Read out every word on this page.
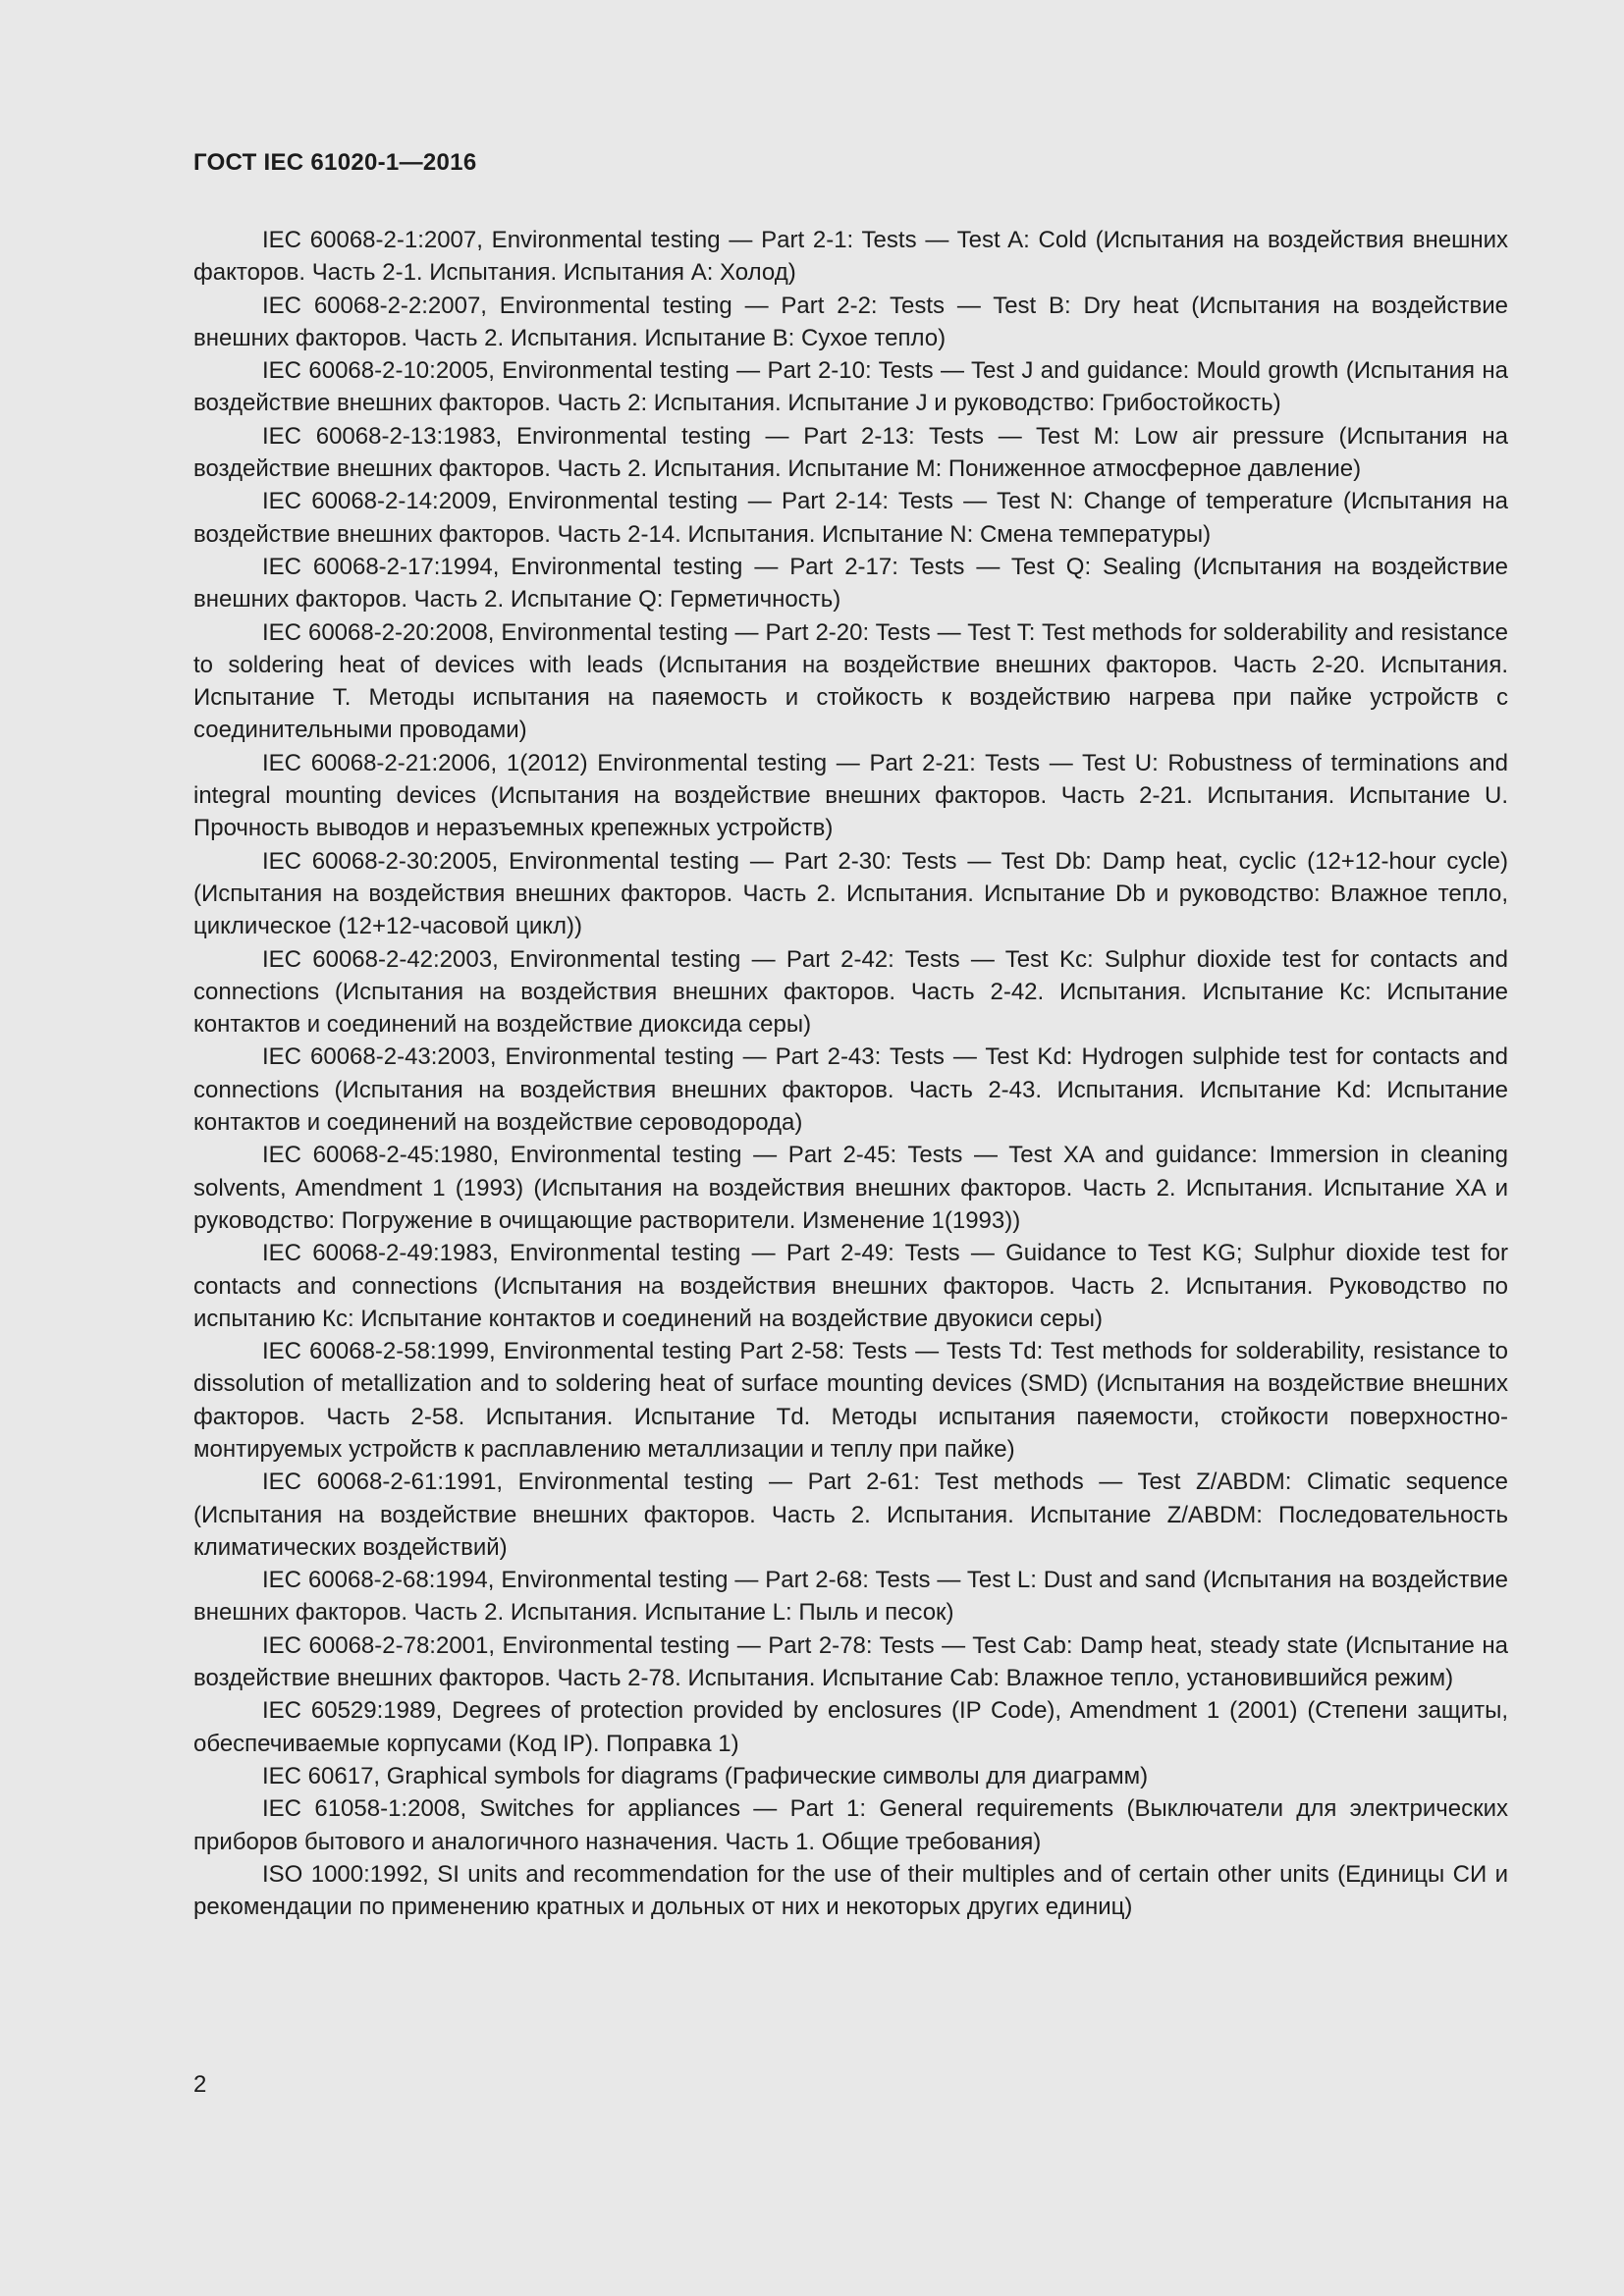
ГОСТ IEC 61020-1—2016

IEC 60068-2-1:2007, Environmental testing — Part 2-1: Tests — Test A: Cold (Испытания на воздействия внешних факторов. Часть 2-1. Испытания. Испытания А: Холод)

IEC 60068-2-2:2007, Environmental testing — Part 2-2: Tests — Test B: Dry heat (Испытания на воздействие внешних факторов. Часть 2. Испытания. Испытание В: Сухое тепло)

IEC 60068-2-10:2005, Environmental testing — Part 2-10: Tests — Test J and guidance: Mould growth (Испытания на воздействие внешних факторов. Часть 2: Испытания. Испытание J и руководство: Грибостойкость)

IEC 60068-2-13:1983, Environmental testing — Part 2-13: Tests — Test M: Low air pressure (Испытания на воздействие внешних факторов. Часть 2. Испытания. Испытание М: Пониженное атмосферное давление)

IEC 60068-2-14:2009, Environmental testing — Part 2-14: Tests — Test N: Change of temperature (Испытания на воздействие внешних факторов. Часть 2-14. Испытания. Испытание N: Смена температуры)

IEC 60068-2-17:1994, Environmental testing — Part 2-17: Tests — Test Q: Sealing (Испытания на воздействие внешних факторов. Часть 2. Испытание Q: Герметичность)

IEC 60068-2-20:2008, Environmental testing — Part 2-20: Tests — Test T: Test methods for solderability and resistance to soldering heat of devices with leads (Испытания на воздействие внешних факторов. Часть 2-20. Испытания. Испытание Т. Методы испытания на паяемость и стойкость к воздействию нагрева при пайке устройств с соединительными проводами)

IEC 60068-2-21:2006, 1(2012) Environmental testing — Part 2-21: Tests — Test U: Robustness of terminations and integral mounting devices (Испытания на воздействие внешних факторов. Часть 2-21. Испытания. Испытание U. Прочность выводов и неразъемных крепежных устройств)

IEC 60068-2-30:2005, Environmental testing — Part 2-30: Tests — Test Db: Damp heat, cyclic (12+12-hour cycle) (Испытания на воздействия внешних факторов. Часть 2. Испытания. Испытание Db и руководство: Влажное тепло, циклическое (12+12-часовой цикл))

IEC 60068-2-42:2003, Environmental testing — Part 2-42: Tests — Test Kc: Sulphur dioxide test for contacts and connections (Испытания на воздействия внешних факторов. Часть 2-42. Испытания. Испытание Кс: Испытание контактов и соединений на воздействие диоксида серы)

IEC 60068-2-43:2003, Environmental testing — Part 2-43: Tests — Test Kd: Hydrogen sulphide test for contacts and connections (Испытания на воздействия внешних факторов. Часть 2-43. Испытания. Испытание Kd: Испытание контактов и соединений на воздействие сероводорода)

IEC 60068-2-45:1980, Environmental testing — Part 2-45: Tests — Test XA and guidance: Immersion in cleaning solvents, Amendment 1 (1993) (Испытания на воздействия внешних факторов. Часть 2. Испытания. Испытание XA и руководство: Погружение в очищающие растворители. Изменение 1(1993))

IEC 60068-2-49:1983, Environmental testing — Part 2-49: Tests — Guidance to Test KG; Sulphur dioxide test for contacts and connections (Испытания на воздействия внешних факторов. Часть 2. Испытания. Руководство по испытанию Кс: Испытание контактов и соединений на воздействие двуокиси серы)

IEC 60068-2-58:1999, Environmental testing Part 2-58: Tests — Tests Td: Test methods for solderability, resistance to dissolution of metallization and to soldering heat of surface mounting devices (SMD) (Испытания на воздействие внешних факторов. Часть 2-58. Испытания. Испытание Td. Методы испытания паяемости, стойкости поверхностно-монтируемых устройств к расплавлению металлизации и теплу при пайке)

IEC 60068-2-61:1991, Environmental testing — Part 2-61: Test methods — Test Z/ABDM: Climatic sequence (Испытания на воздействие внешних факторов. Часть 2. Испытания. Испытание Z/ABDM: Последовательность климатических воздействий)

IEC 60068-2-68:1994, Environmental testing — Part 2-68: Tests — Test L: Dust and sand (Испытания на воздействие внешних факторов. Часть 2. Испытания. Испытание L: Пыль и песок)

IEC 60068-2-78:2001, Environmental testing — Part 2-78: Tests — Test Cab: Damp heat, steady state (Испытание на воздействие внешних факторов. Часть 2-78. Испытания. Испытание Cab: Влажное тепло, установившийся режим)

IEC 60529:1989, Degrees of protection provided by enclosures (IP Code), Amendment 1 (2001) (Степени защиты, обеспечиваемые корпусами (Код IP). Поправка 1)

IEC 60617, Graphical symbols for diagrams (Графические символы для диаграмм)

IEC 61058-1:2008, Switches for appliances — Part 1: General requirements (Выключатели для электрических приборов бытового и аналогичного назначения. Часть 1. Общие требования)

ISO 1000:1992, SI units and recommendation for the use of their multiples and of certain other units (Единицы СИ и рекомендации по применению кратных и дольных от них и некоторых других единиц)

2
